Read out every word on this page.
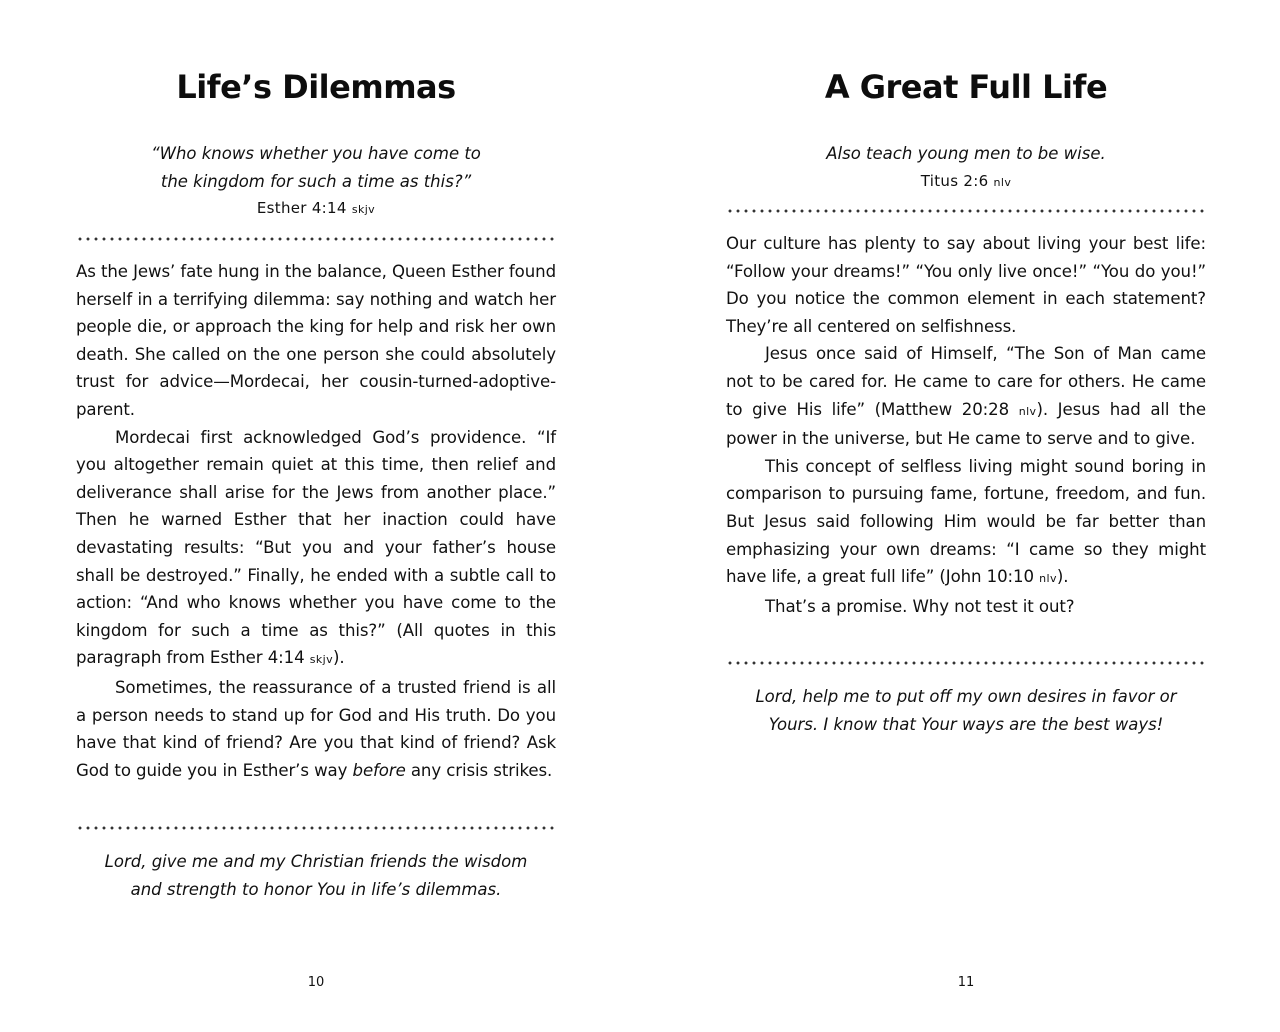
Life’s Dilemmas
“Who knows whether you have come to
the kingdom for such a time as this?”
Esther 4:14 skjv

As the Jews’ fate hung in the balance, Queen Esther found herself in a terrifying dilemma: say nothing and watch her people die, or approach the king for help and risk her own death. She called on the one person she could absolutely trust for advice—Mordecai, her cousin-turned-adoptive-parent.

Mordecai first acknowledged God’s providence. “If you altogether remain quiet at this time, then relief and deliverance shall arise for the Jews from another place.” Then he warned Esther that her inaction could have devastating results: “But you and your father’s house shall be destroyed.” Finally, he ended with a subtle call to action: “And who knows whether you have come to the kingdom for such a time as this?” (All quotes in this paragraph from Esther 4:14 skjv).

Sometimes, the reassurance of a trusted friend is all a person needs to stand up for God and His truth. Do you have that kind of friend? Are you that kind of friend? Ask God to guide you in Esther’s way before any crisis strikes.

Lord, give me and my Christian friends the wisdom
and strength to honor You in life’s dilemmas.
10
A Great Full Life
Also teach young men to be wise.
Titus 2:6 nlv

Our culture has plenty to say about living your best life: “Follow your dreams!” “You only live once!” “You do you!” Do you notice the common element in each statement? They’re all centered on selfishness.

Jesus once said of Himself, “The Son of Man came not to be cared for. He came to care for others. He came to give His life” (Matthew 20:28 nlv). Jesus had all the power in the universe, but He came to serve and to give.

This concept of selfless living might sound boring in comparison to pursuing fame, fortune, freedom, and fun. But Jesus said following Him would be far better than emphasizing your own dreams: “I came so they might have life, a great full life” (John 10:10 nlv).

That’s a promise. Why not test it out?

Lord, help me to put off my own desires in favor or
Yours. I know that Your ways are the best ways!
11
